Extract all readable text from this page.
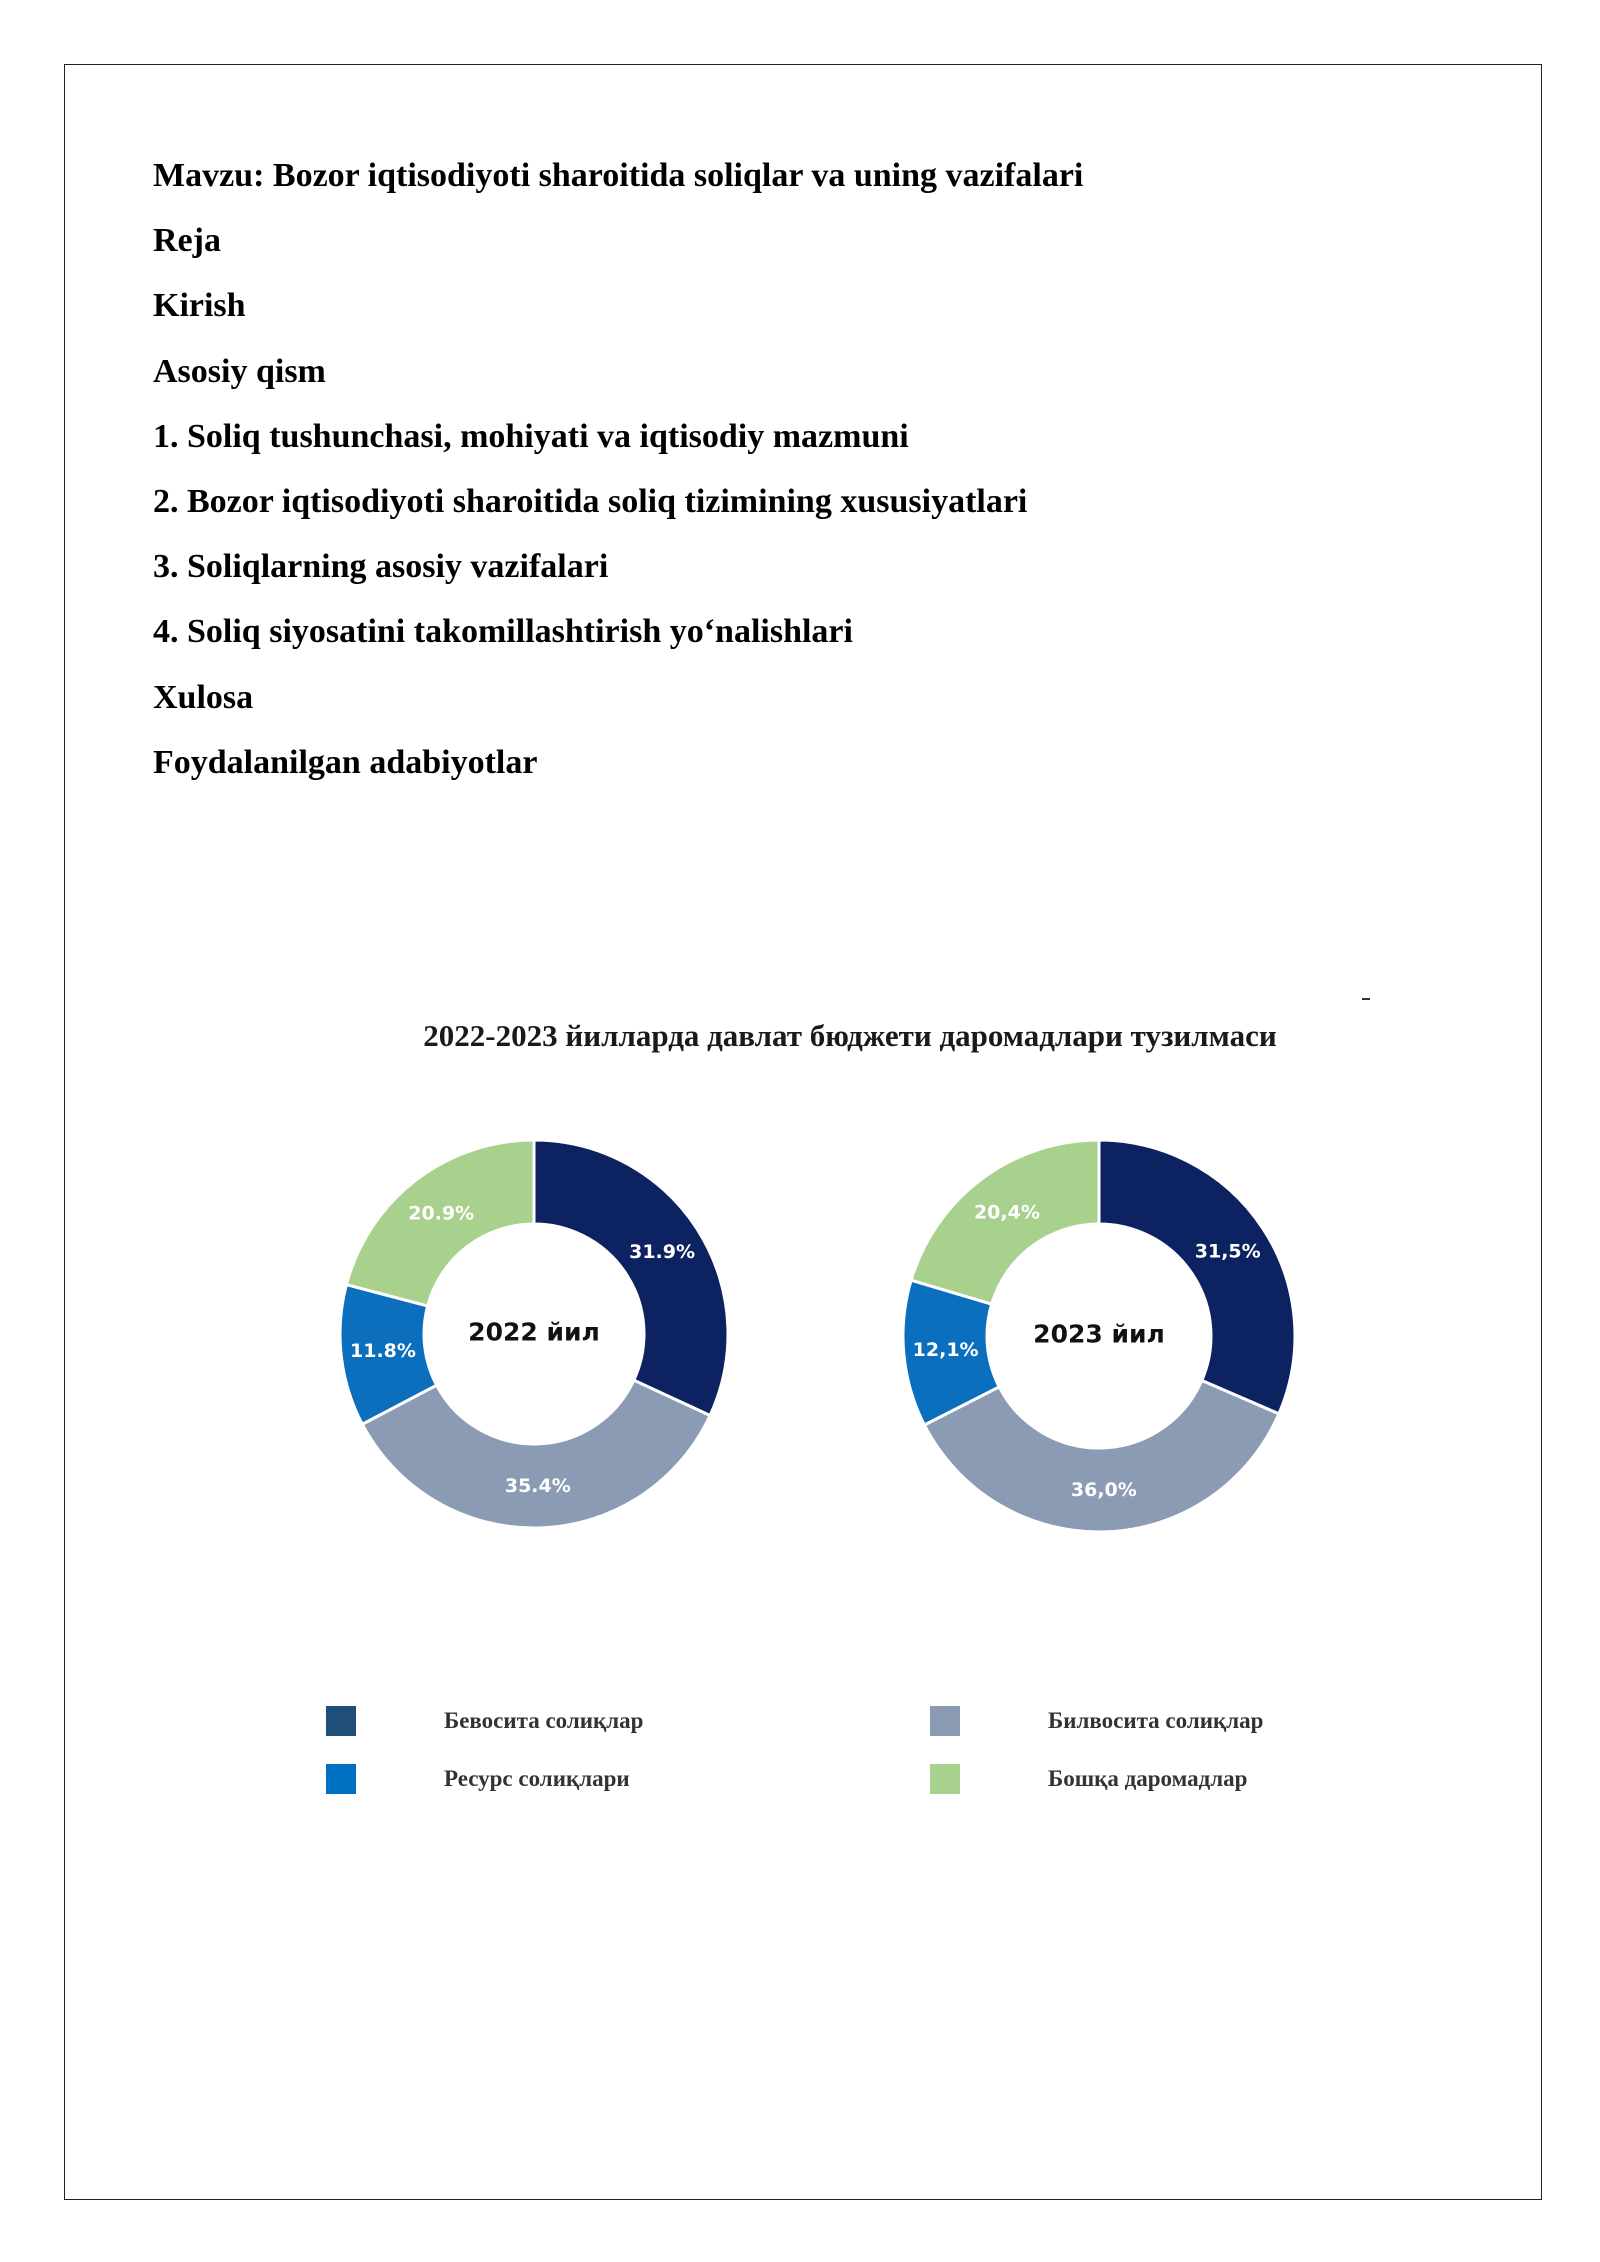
Mavzu: Bozor iqtisodiyoti sharoitida soliqlar va uning vazifalari

Reja

Kirish

Asosiy qism

1. Soliq tushunchasi, mohiyati va iqtisodiy mazmuni

2. Bozor iqtisodiyoti sharoitida soliq tizimining xususiyatlari

3. Soliqlarning asosiy vazifalari

4. Soliq siyosatini takomillashtirish yo‘nalishlari

Xulosa

Foydalanilgan adabiyotlar

2022-2023 йилларда давлат бюджети даромадлари тузилмаси
31.9%
35.4%
11.8%
20.9%
2022 йил
31,5%
36,0%
12,1%
20,4%
2023 йил
Бевосита солиқлар	Билвосита солиқлар
Ресурс солиқлари	Бошқа даромадлар
